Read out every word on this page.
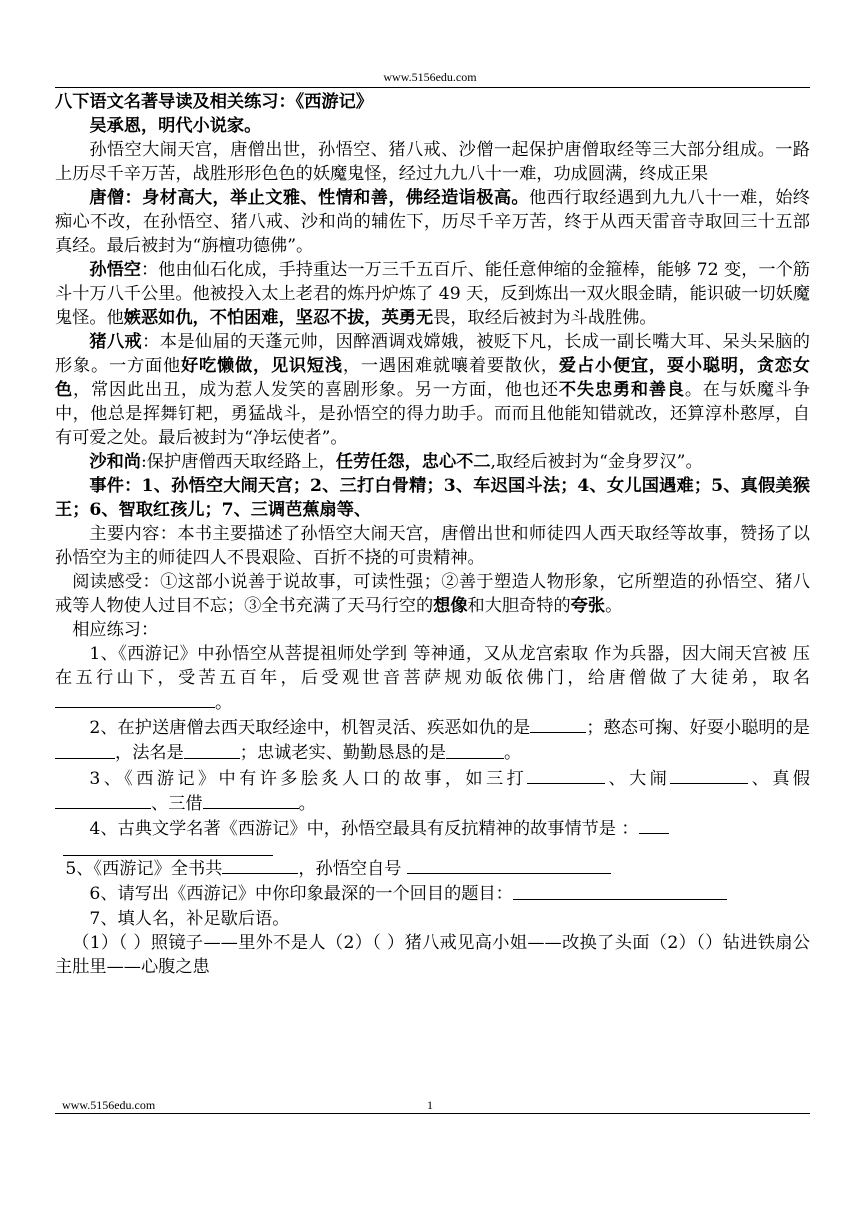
www.5156edu.com

八下语文名著导读及相关练习：《西游记》

吴承恩，明代小说家。

孙悟空大闹天宫，唐僧出世，孙悟空、猪八戒、沙僧一起保护唐僧取经等三大部分组成。一路上历尽千辛万苦，战胜形形色色的妖魔鬼怪，经过九九八十一难，功成圆满，终成正果

唐僧：身材高大，举止文雅、性情和善，佛经造诣极高。他西行取经遇到九九八十一难，始终痴心不改，在孙悟空、猪八戒、沙和尚的辅佐下，历尽千辛万苦，终于从西天雷音寺取回三十五部真经。最后被封为“旃檀功德佛”。

孙悟空：他由仙石化成，手持重达一万三千五百斤、能任意伸缩的金箍棒，能够 72 变，一个筋斗十万八千公里。他被投入太上老君的炼丹炉炼了 49 天，反到炼出一双火眼金睛，能识破一切妖魔鬼怪。他嫉恶如仇，不怕困难，坚忍不拔，英勇无畏，取经后被封为斗战胜佛。

猪八戒：本是仙届的天蓬元帅，因醉酒调戏嫦娥，被贬下凡，长成一副长嘴大耳、呆头呆脑的形象。一方面他好吃懒做，见识短浅，一遇困难就嚷着要散伙，爱占小便宜，耍小聪明，贪恋女色，常因此出丑，成为惹人发笑的喜剧形象。另一方面，他也还不失忠勇和善良。在与妖魔斗争中，他总是挥舞钉耙，勇猛战斗，是孙悟空的得力助手。而而且他能知错就改，还算淳朴憨厚，自有可爱之处。最后被封为“净坛使者”。

沙和尚:保护唐僧西天取经路上，任劳任怨，忠心不二,取经后被封为“金身罗汉”。

事件：1、孙悟空大闹天宫；2、三打白骨精；3、车迟国斗法；4、女儿国遇难；5、真假美猴王；6、智取红孩儿；7、三调芭蕉扇等、

主要内容：本书主要描述了孙悟空大闹天宫，唐僧出世和师徒四人西天取经等故事，赞扬了以孙悟空为主的师徒四人不畏艰险、百折不挠的可贵精神。

阅读感受：①这部小说善于说故事，可读性强；②善于塑造人物形象，它所塑造的孙悟空、猪八戒等人物使人过目不忘；③全书充满了天马行空的想像和大胆奇特的夸张。

相应练习：

1、《西游记》中孙悟空从菩提祖师处学到 等神通，又从龙宫索取 作为兵器，因大闹天宫被 压在五行山下，受苦五百年，后受观世音菩萨规劝皈依佛门，给唐僧做了大徒弟，取名。

2、在护送唐僧去西天取经途中，机智灵活、疾恶如仇的是	；憨态可掬、好耍小聪明的是 ，法名是	；忠诚老实、勤勤恳恳的是	。

3、《西游记》中有许多脍炙人口的故事，如三打	、大闹	、真假 、三借	。

4、古典文学名著《西游记》中，孙悟空最具有反抗精神的故事情节是 ：

5、《西游记》全书共	，孙悟空自号

6、请写出《西游记》中你印象最深的一个回目的题目：

7、填人名，补足歇后语。

（1）（ ）照镜子——里外不是人（2）（ ）猪八戒见高小姐——改换了头面（2）（）钻进铁扇公主肚里——心腹之患

www.5156edu.com	1
